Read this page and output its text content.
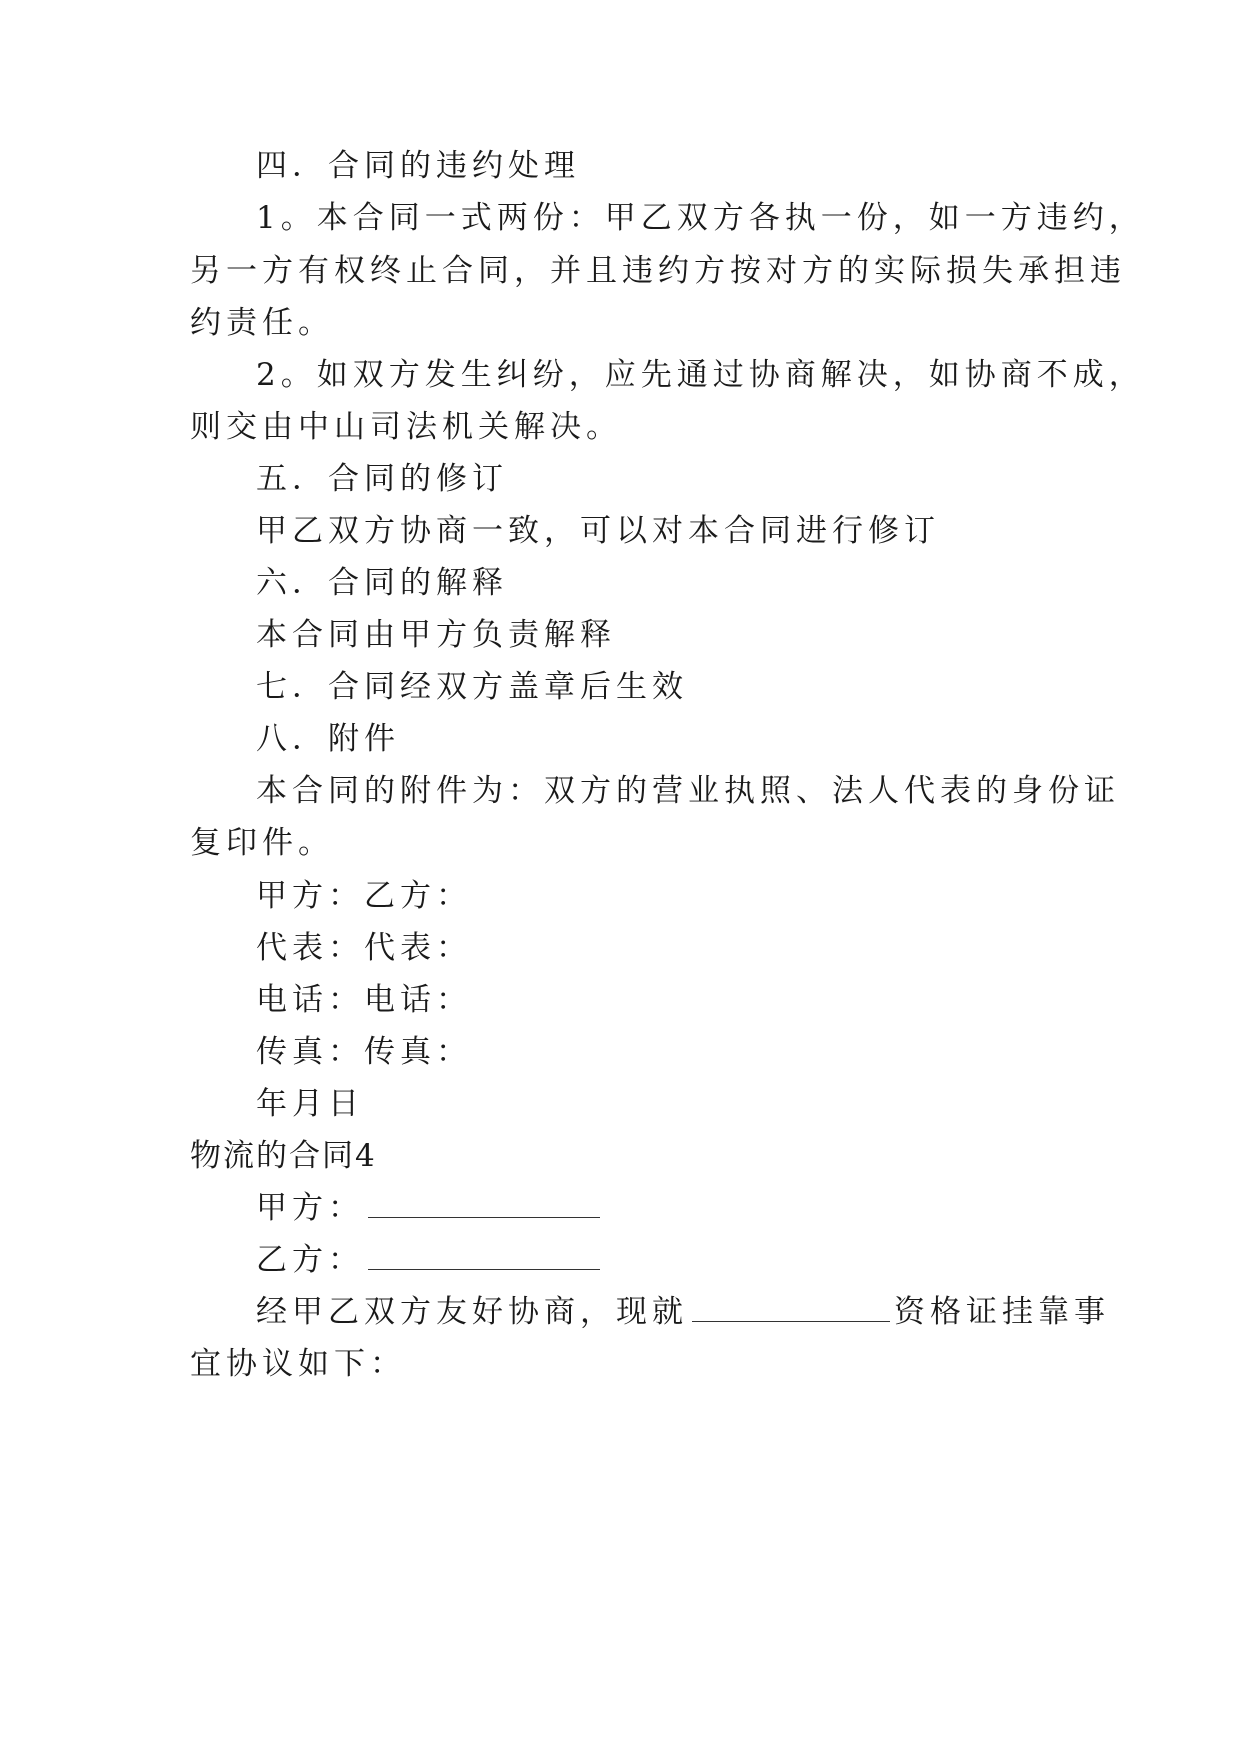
四．合同的违约处理
1。本合同一式两份：甲乙双方各执一份，如一方违约，
另一方有权终止合同，并且违约方按对方的实际损失承担违
约责任。
2。如双方发生纠纷，应先通过协商解决，如协商不成，
则交由中山司法机关解决。
五．合同的修订
甲乙双方协商一致，可以对本合同进行修订
六．合同的解释
本合同由甲方负责解释
七．合同经双方盖章后生效
八．附件
本合同的附件为：双方的营业执照、法人代表的身份证
复印件。
甲方：乙方：
代表：代表：
电话：电话：
传真：传真：
年月日
物流的合同4
甲方：
乙方：
经甲乙双方友好协商，现就	资格证挂靠事
宜协议如下：
